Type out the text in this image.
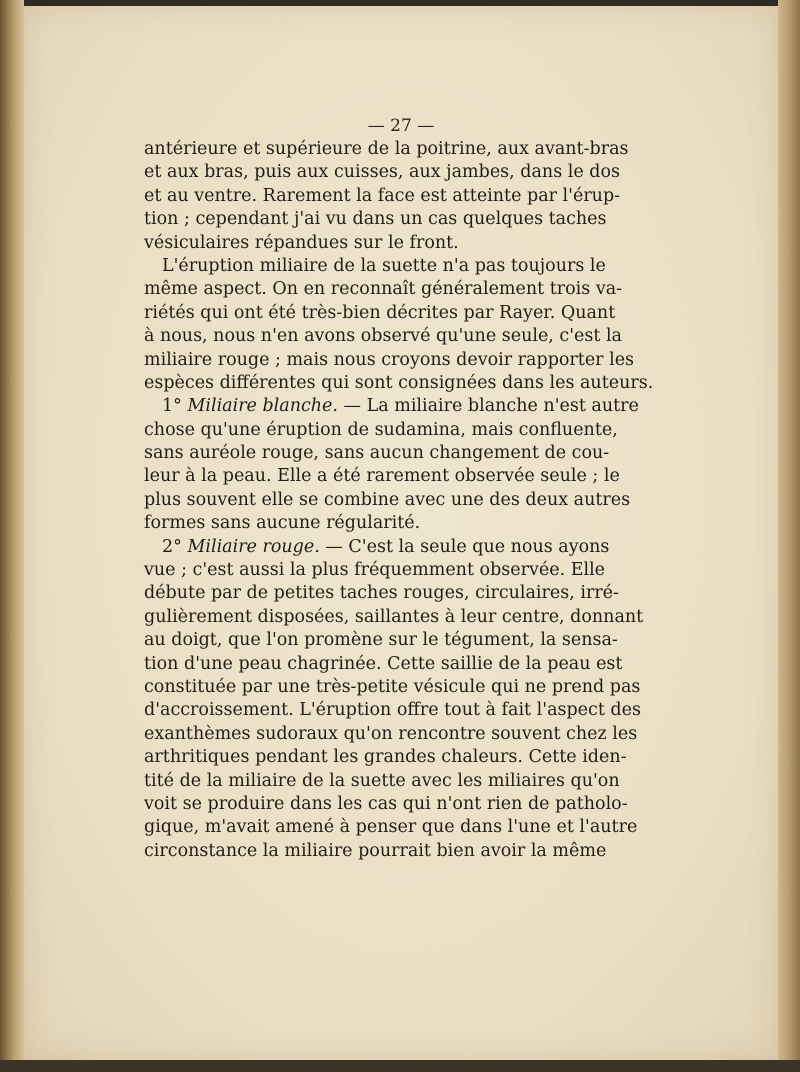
— 27 —
antérieure et supérieure de la poitrine, aux avant-bras
et aux bras, puis aux cuisses, aux jambes, dans le dos
et au ventre. Rarement la face est atteinte par l'érup-
tion ; cependant j'ai vu dans un cas quelques taches
vésiculaires répandues sur le front.
L'éruption miliaire de la suette n'a pas toujours le
même aspect. On en reconnaît généralement trois va-
riétés qui ont été très-bien décrites par Rayer. Quant
à nous, nous n'en avons observé qu'une seule, c'est la
miliaire rouge ; mais nous croyons devoir rapporter les
espèces différentes qui sont consignées dans les auteurs.
1° Miliaire blanche. — La miliaire blanche n'est autre
chose qu'une éruption de sudamina, mais confluente,
sans auréole rouge, sans aucun changement de cou-
leur à la peau. Elle a été rarement observée seule ; le
plus souvent elle se combine avec une des deux autres
formes sans aucune régularité.
2° Miliaire rouge. — C'est la seule que nous ayons
vue ; c'est aussi la plus fréquemment observée. Elle
débute par de petites taches rouges, circulaires, irré-
gulièrement disposées, saillantes à leur centre, donnant
au doigt, que l'on promène sur le tégument, la sensa-
tion d'une peau chagrinée. Cette saillie de la peau est
constituée par une très-petite vésicule qui ne prend pas
d'accroissement. L'éruption offre tout à fait l'aspect des
exanthèmes sudoraux qu'on rencontre souvent chez les
arthritiques pendant les grandes chaleurs. Cette iden-
tité de la miliaire de la suette avec les miliaires qu'on
voit se produire dans les cas qui n'ont rien de patholo-
gique, m'avait amené à penser que dans l'une et l'autre
circonstance la miliaire pourrait bien avoir la même
